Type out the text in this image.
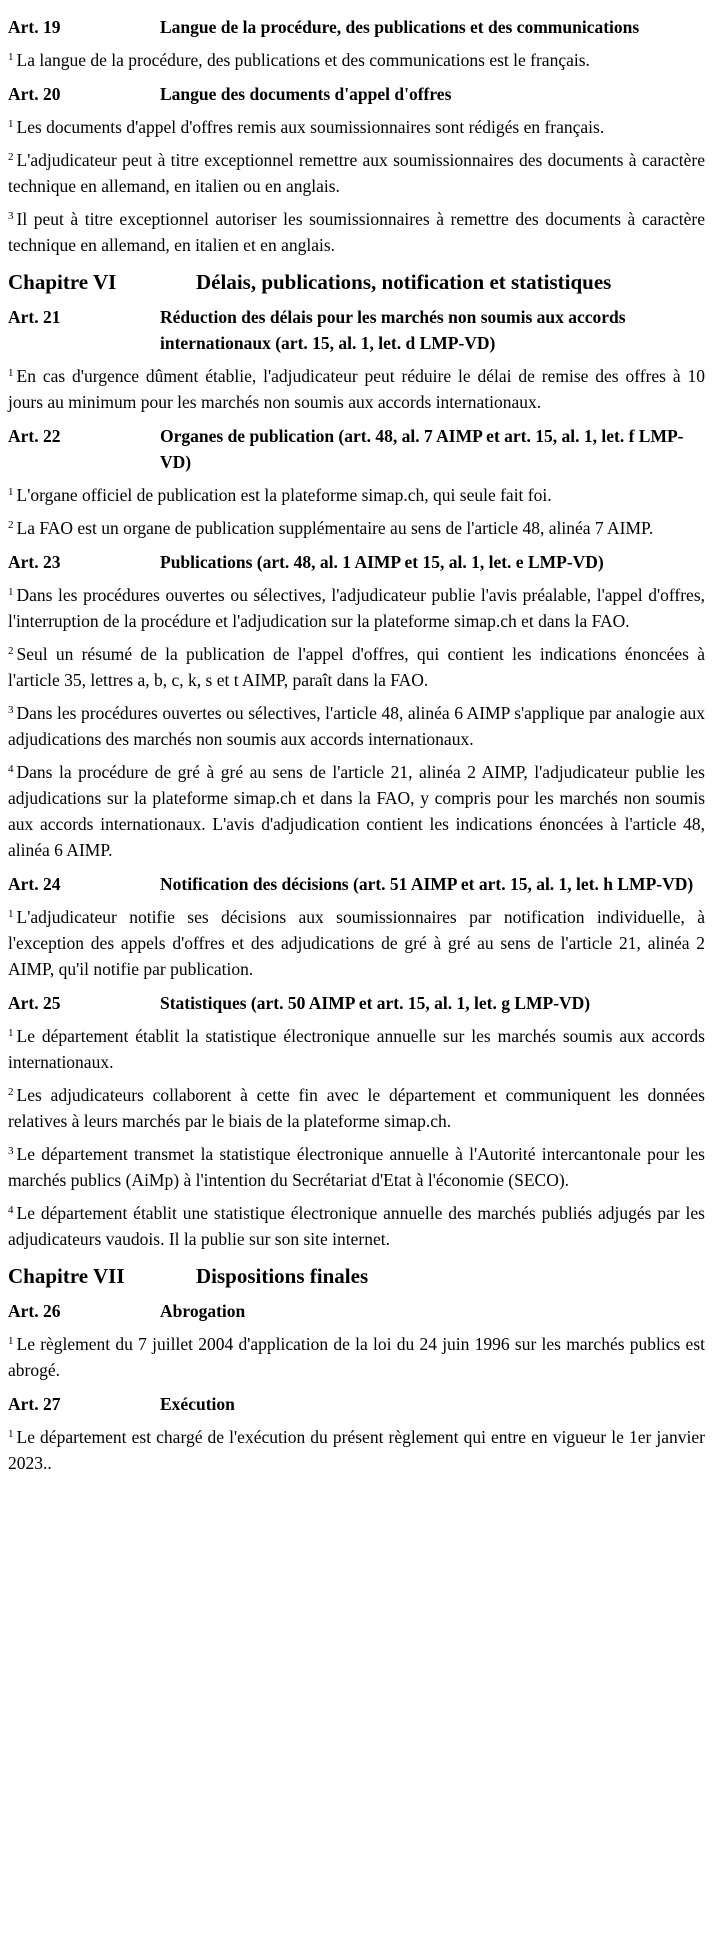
Art. 19	Langue de la procédure, des publications et des communications
$^1$ La langue de la procédure, des publications et des communications est le français.
Art. 20	Langue des documents d'appel d'offres
$^1$ Les documents d'appel d'offres remis aux soumissionnaires sont rédigés en français.
$^2$ L'adjudicateur peut à titre exceptionnel remettre aux soumissionnaires des documents à caractère technique en allemand, en italien ou en anglais.
$^3$ Il peut à titre exceptionnel autoriser les soumissionnaires à remettre des documents à caractère technique en allemand, en italien et en anglais.
Chapitre VI	Délais, publications, notification et statistiques
Art. 21	Réduction des délais pour les marchés non soumis aux accords internationaux (art. 15, al. 1, let. d LMP-VD)
$^1$ En cas d'urgence dûment établie, l'adjudicateur peut réduire le délai de remise des offres à 10 jours au minimum pour les marchés non soumis aux accords internationaux.
Art. 22	Organes de publication (art. 48, al. 7 AIMP et art. 15, al. 1, let. f LMP-VD)
$^1$ L'organe officiel de publication est la plateforme simap.ch, qui seule fait foi.
$^2$ La FAO est un organe de publication supplémentaire au sens de l'article 48, alinéa 7 AIMP.
Art. 23	Publications (art. 48, al. 1 AIMP et 15, al. 1, let. e LMP-VD)
$^1$ Dans les procédures ouvertes ou sélectives, l'adjudicateur publie l'avis préalable, l'appel d'offres, l'interruption de la procédure et l'adjudication sur la plateforme simap.ch et dans la FAO.
$^2$ Seul un résumé de la publication de l'appel d'offres, qui contient les indications énoncées à l'article 35, lettres a, b, c, k, s et t AIMP, paraît dans la FAO.
$^3$ Dans les procédures ouvertes ou sélectives, l'article 48, alinéa 6 AIMP s'applique par analogie aux adjudications des marchés non soumis aux accords internationaux.
$^4$ Dans la procédure de gré à gré au sens de l'article 21, alinéa 2 AIMP, l'adjudicateur publie les adjudications sur la plateforme simap.ch et dans la FAO, y compris pour les marchés non soumis aux accords internationaux. L'avis d'adjudication contient les indications énoncées à l'article 48, alinéa 6 AIMP.
Art. 24	Notification des décisions (art. 51 AIMP et art. 15, al. 1, let. h LMP-VD)
$^1$ L'adjudicateur notifie ses décisions aux soumissionnaires par notification individuelle, à l'exception des appels d'offres et des adjudications de gré à gré au sens de l'article 21, alinéa 2 AIMP, qu'il notifie par publication.
Art. 25	Statistiques (art. 50 AIMP et art. 15, al. 1, let. g LMP-VD)
$^1$ Le département établit la statistique électronique annuelle sur les marchés soumis aux accords internationaux.
$^2$ Les adjudicateurs collaborent à cette fin avec le département et communiquent les données relatives à leurs marchés par le biais de la plateforme simap.ch.
$^3$ Le département transmet la statistique électronique annuelle à l'Autorité intercantonale pour les marchés publics (AiMp) à l'intention du Secrétariat d'Etat à l'économie (SECO).
$^4$ Le département établit une statistique électronique annuelle des marchés publiés adjugés par les adjudicateurs vaudois. Il la publie sur son site internet.
Chapitre VII	Dispositions finales
Art. 26	Abrogation
$^1$ Le règlement du 7 juillet 2004 d'application de la loi du 24 juin 1996 sur les marchés publics est abrogé.
Art. 27	Exécution
$^1$ Le département est chargé de l'exécution du présent règlement qui entre en vigueur le 1er janvier 2023..
